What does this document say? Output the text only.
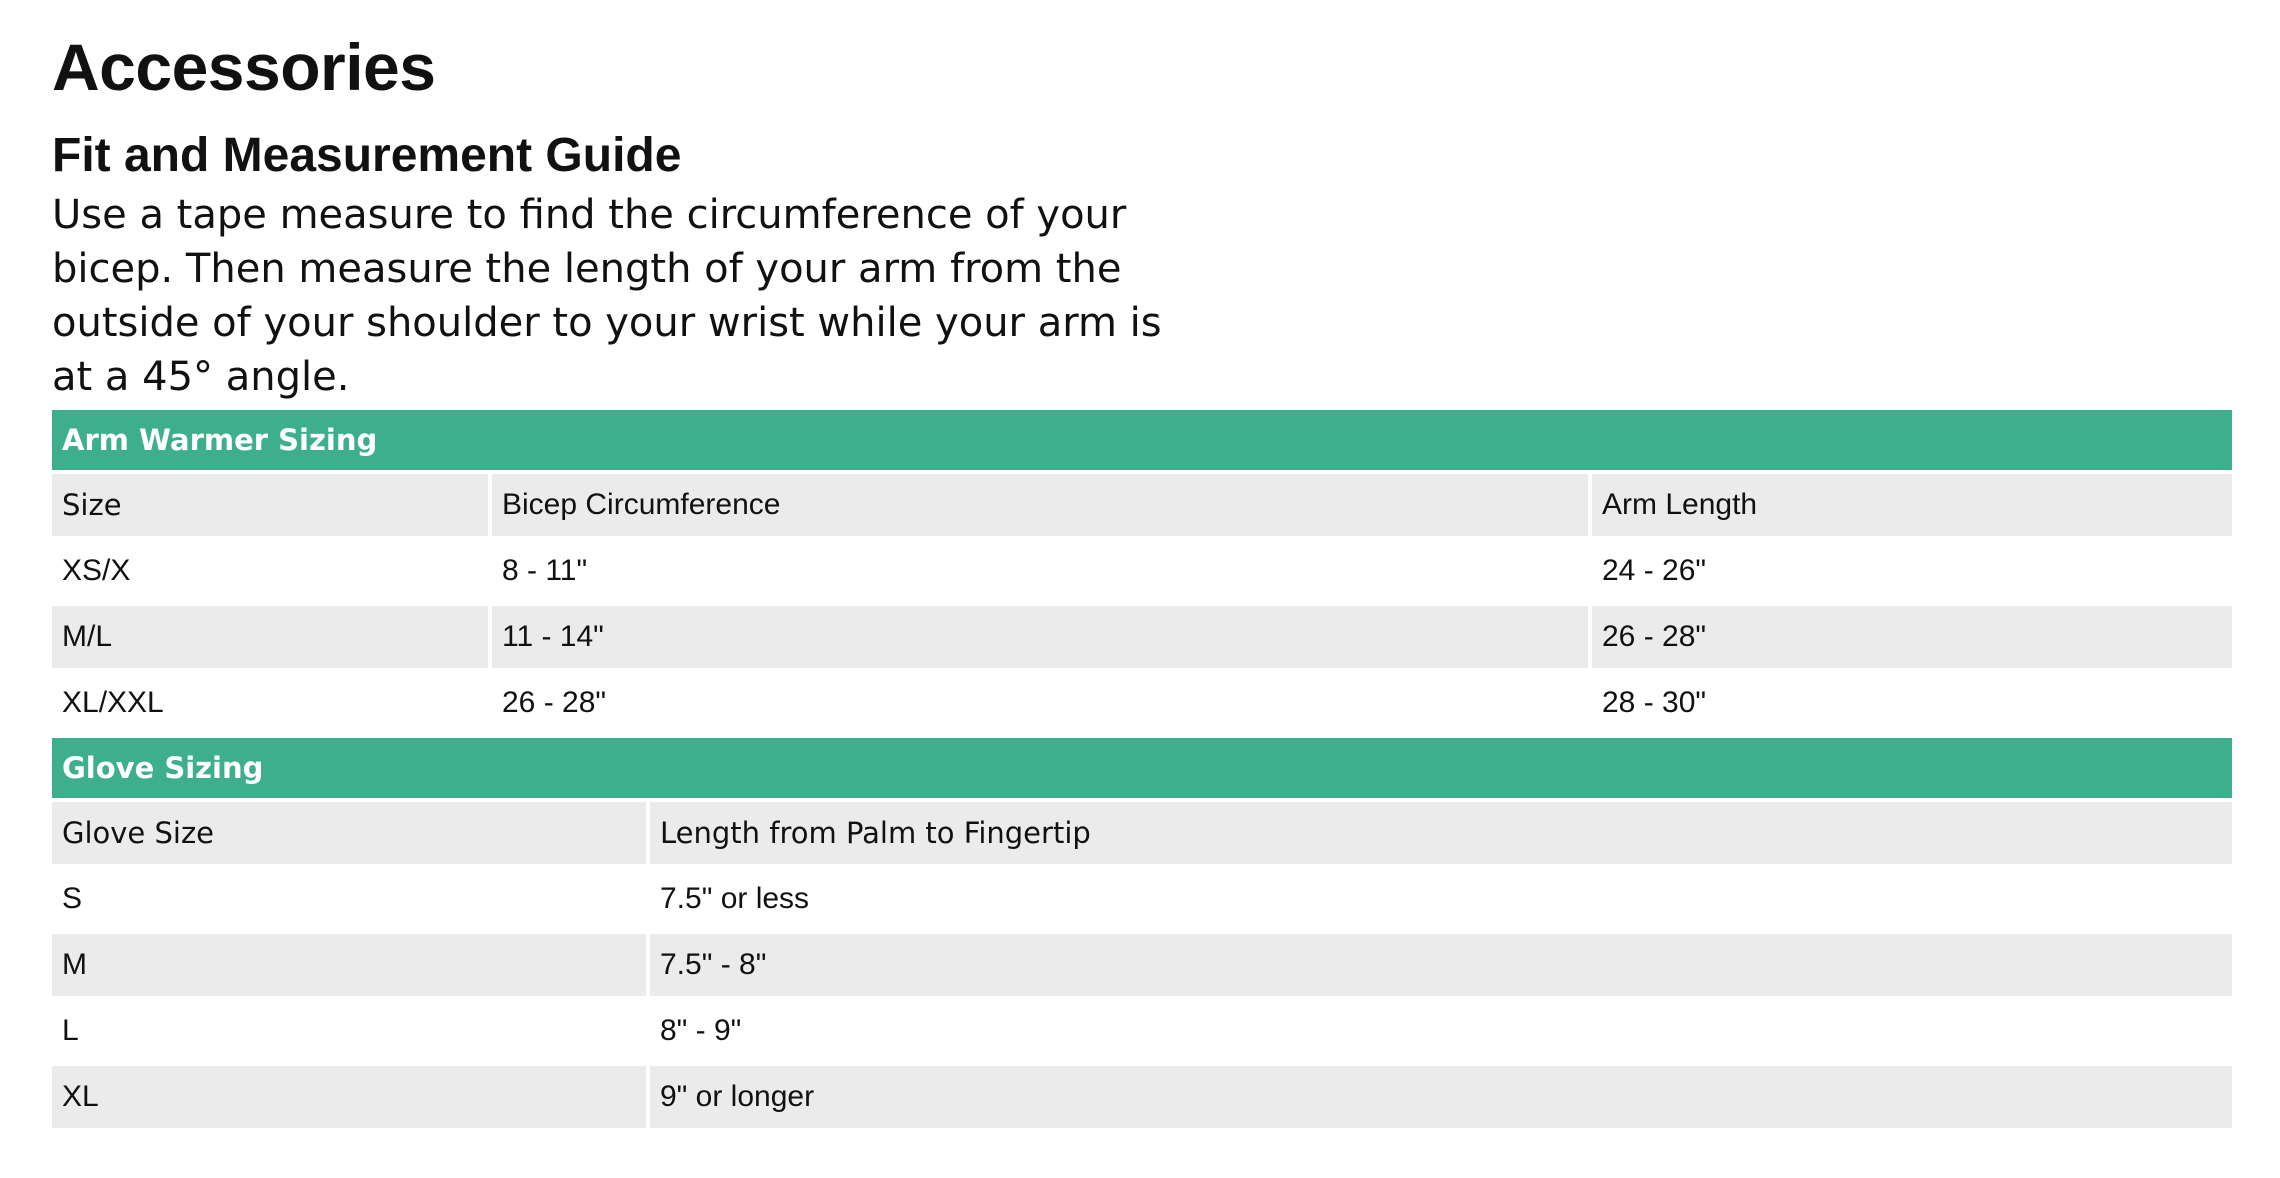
Accessories
Fit and Measurement Guide

Use a tape measure to find the circumference of your bicep. Then measure the length of your arm from the outside of your shoulder to your wrist while your arm is at a 45° angle.

Arm Warmer Sizing		
Size	Bicep Circumference	Arm Length
XS/X	8 - 11"	24 - 26"
M/L	11 - 14"	26 - 28"
XL/XXL	26 - 28"	28 - 30"
Glove Sizing	
Glove Size	Length from Palm to Fingertip
S	7.5" or less
M	7.5" - 8"
L	8" - 9"
XL	9" or longer
